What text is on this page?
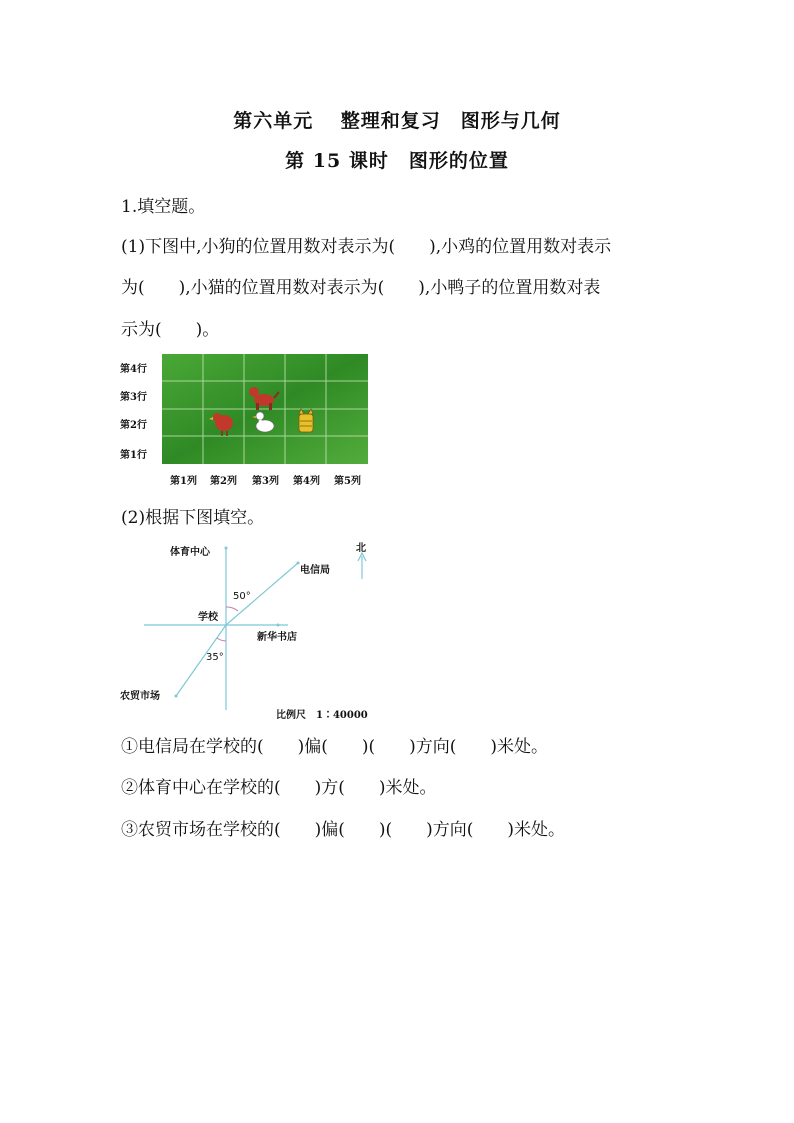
第六单元　 整理和复习　图形与几何
第 15 课时　图形的位置
1.填空题。
(1)下图中,小狗的位置用数对表示为(　　),小鸡的位置用数对表示
为(　　),小猫的位置用数对表示为(　　),小鸭子的位置用数对表
示为(　　)。
第4行
第3行
第2行
第1行
第1列 第2列 第3列 第4列 第5列
(2)根据下图填空。
体育中心
电信局
北
50°
学校
新华书店
35°
农贸市场
比例尺　1∶40000
①电信局在学校的(　　)偏(　　)(　　)方向(　　)米处。
②体育中心在学校的(　　)方(　　)米处。
③农贸市场在学校的(　　)偏(　　)(　　)方向(　　)米处。
